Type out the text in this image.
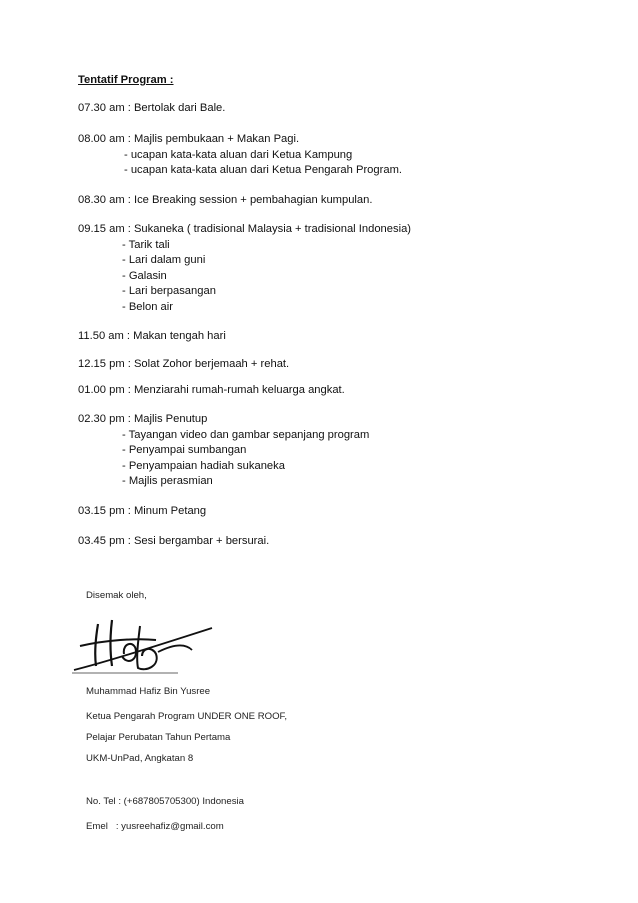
Tentatif Program :
07.30 am : Bertolak dari Bale.
08.00 am : Majlis pembukaan + Makan Pagi.
- ucapan kata-kata aluan dari Ketua Kampung
- ucapan kata-kata aluan dari Ketua Pengarah Program.
08.30 am : Ice Breaking session + pembahagian kumpulan.
09.15 am : Sukaneka ( tradisional Malaysia + tradisional Indonesia)
- Tarik tali
- Lari dalam guni
- Galasin
- Lari berpasangan
- Belon air
11.50 am : Makan tengah hari
12.15 pm : Solat Zohor berjemaah + rehat.
01.00 pm : Menziarahi rumah-rumah keluarga angkat.
02.30 pm : Majlis Penutup
- Tayangan video dan gambar sepanjang program
- Penyampai sumbangan
- Penyampaian hadiah sukaneka
- Majlis perasmian
03.15 pm : Minum Petang
03.45 pm : Sesi bergambar + bersurai.
Disemak oleh,
Muhammad Hafiz Bin Yusree
Ketua Pengarah Program UNDER ONE ROOF,
Pelajar Perubatan Tahun Pertama
UKM-UnPad, Angkatan 8
No. Tel : (+687805705300) Indonesia
Emel   : yusreehafiz@gmail.com
